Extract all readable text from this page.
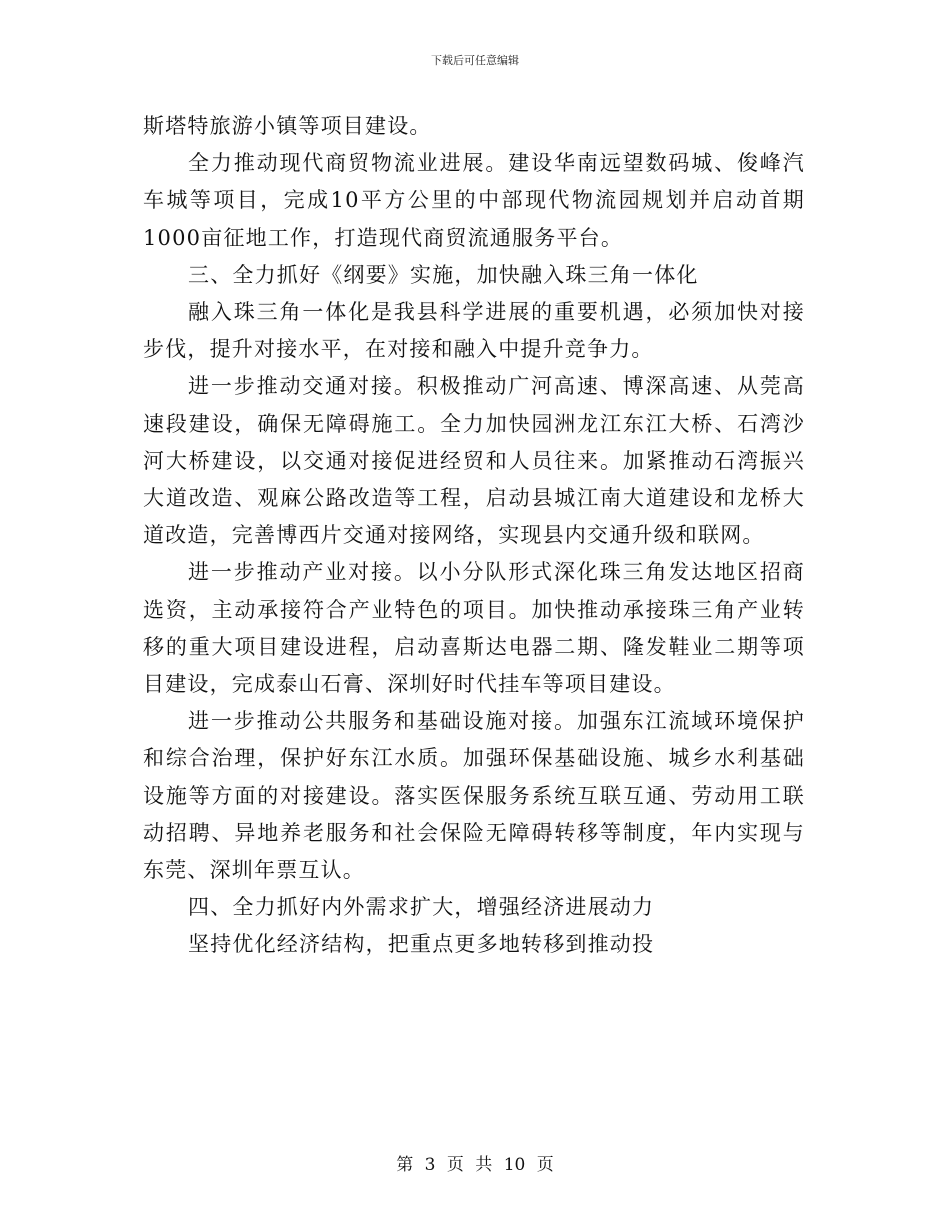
下载后可任意编辑

斯塔特旅游小镇等项目建设。

全力推动现代商贸物流业进展。建设华南远望数码城、俊峰汽车城等项目，完成10平方公里的中部现代物流园规划并启动首期1000亩征地工作，打造现代商贸流通服务平台。

三、全力抓好《纲要》实施，加快融入珠三角一体化

融入珠三角一体化是我县科学进展的重要机遇，必须加快对接步伐，提升对接水平，在对接和融入中提升竞争力。

进一步推动交通对接。积极推动广河高速、博深高速、从莞高速段建设，确保无障碍施工。全力加快园洲龙江东江大桥、石湾沙河大桥建设，以交通对接促进经贸和人员往来。加紧推动石湾振兴大道改造、观麻公路改造等工程，启动县城江南大道建设和龙桥大道改造，完善博西片交通对接网络，实现县内交通升级和联网。

进一步推动产业对接。以小分队形式深化珠三角发达地区招商选资，主动承接符合产业特色的项目。加快推动承接珠三角产业转移的重大项目建设进程，启动喜斯达电器二期、隆发鞋业二期等项目建设，完成泰山石膏、深圳好时代挂车等项目建设。

进一步推动公共服务和基础设施对接。加强东江流域环境保护和综合治理，保护好东江水质。加强环保基础设施、城乡水利基础设施等方面的对接建设。落实医保服务系统互联互通、劳动用工联动招聘、异地养老服务和社会保险无障碍转移等制度，年内实现与东莞、深圳年票互认。

四、全力抓好内外需求扩大，增强经济进展动力

坚持优化经济结构，把重点更多地转移到推动投

第 3 页 共 10 页
